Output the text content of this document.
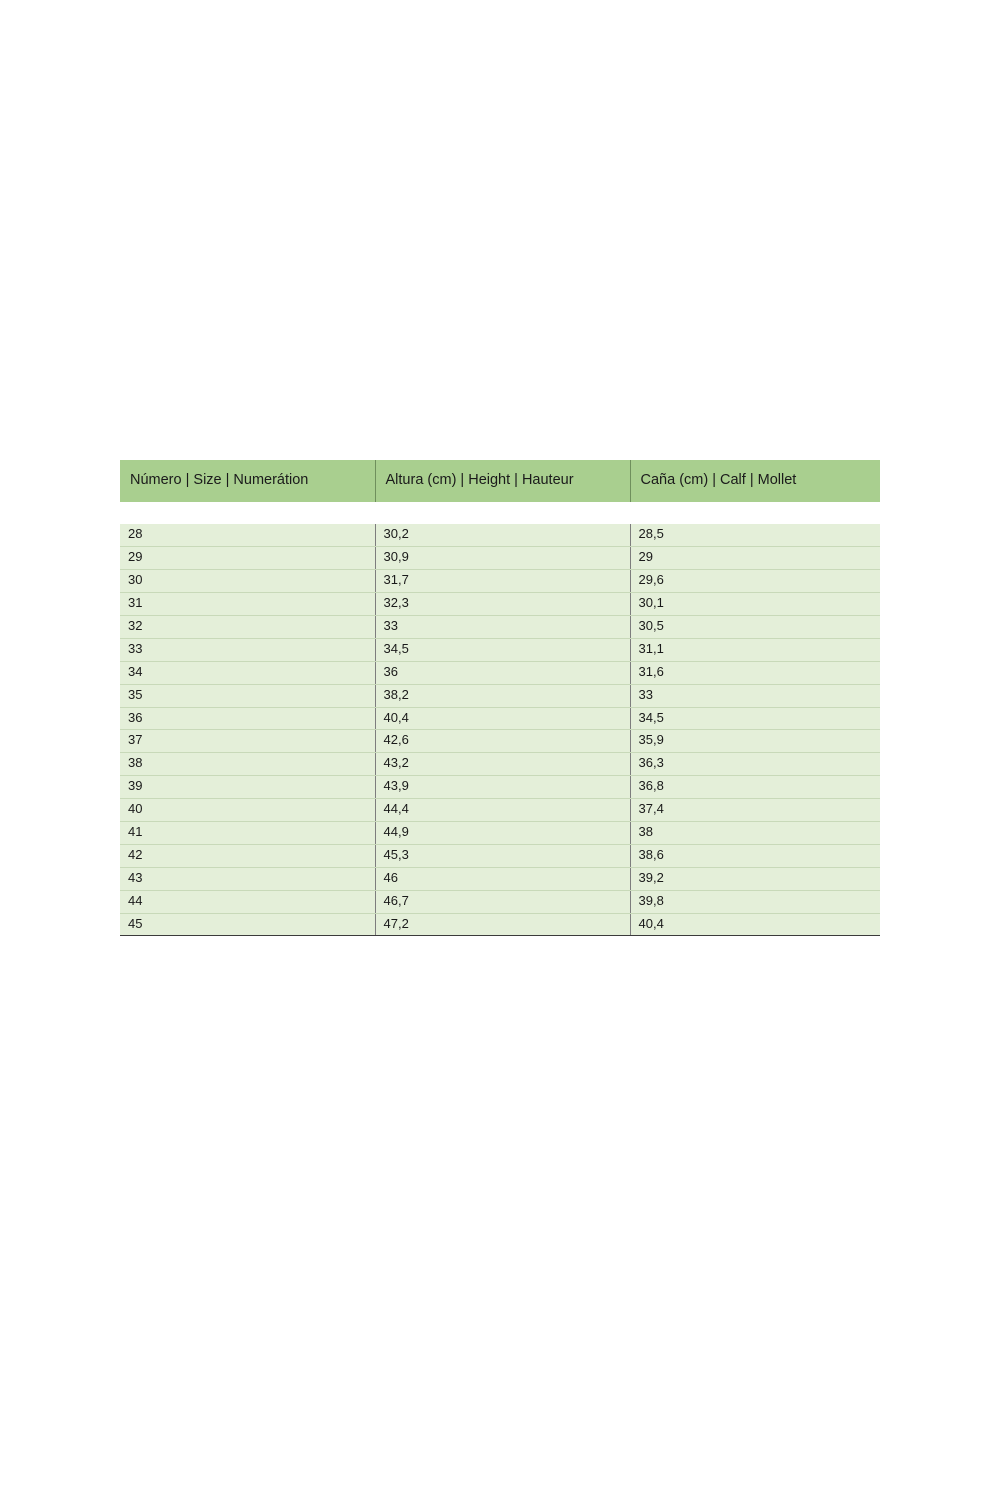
Número | Size | Numerátion	Altura (cm) | Height | Hauteur	Caña (cm) | Calf | Mollet

28	30,2	28,5
29	30,9	29
30	31,7	29,6
31	32,3	30,1
32	33	30,5
33	34,5	31,1
34	36	31,6
35	38,2	33
36	40,4	34,5
37	42,6	35,9
38	43,2	36,3
39	43,9	36,8
40	44,4	37,4
41	44,9	38
42	45,3	38,6
43	46	39,2
44	46,7	39,8
45	47,2	40,4
